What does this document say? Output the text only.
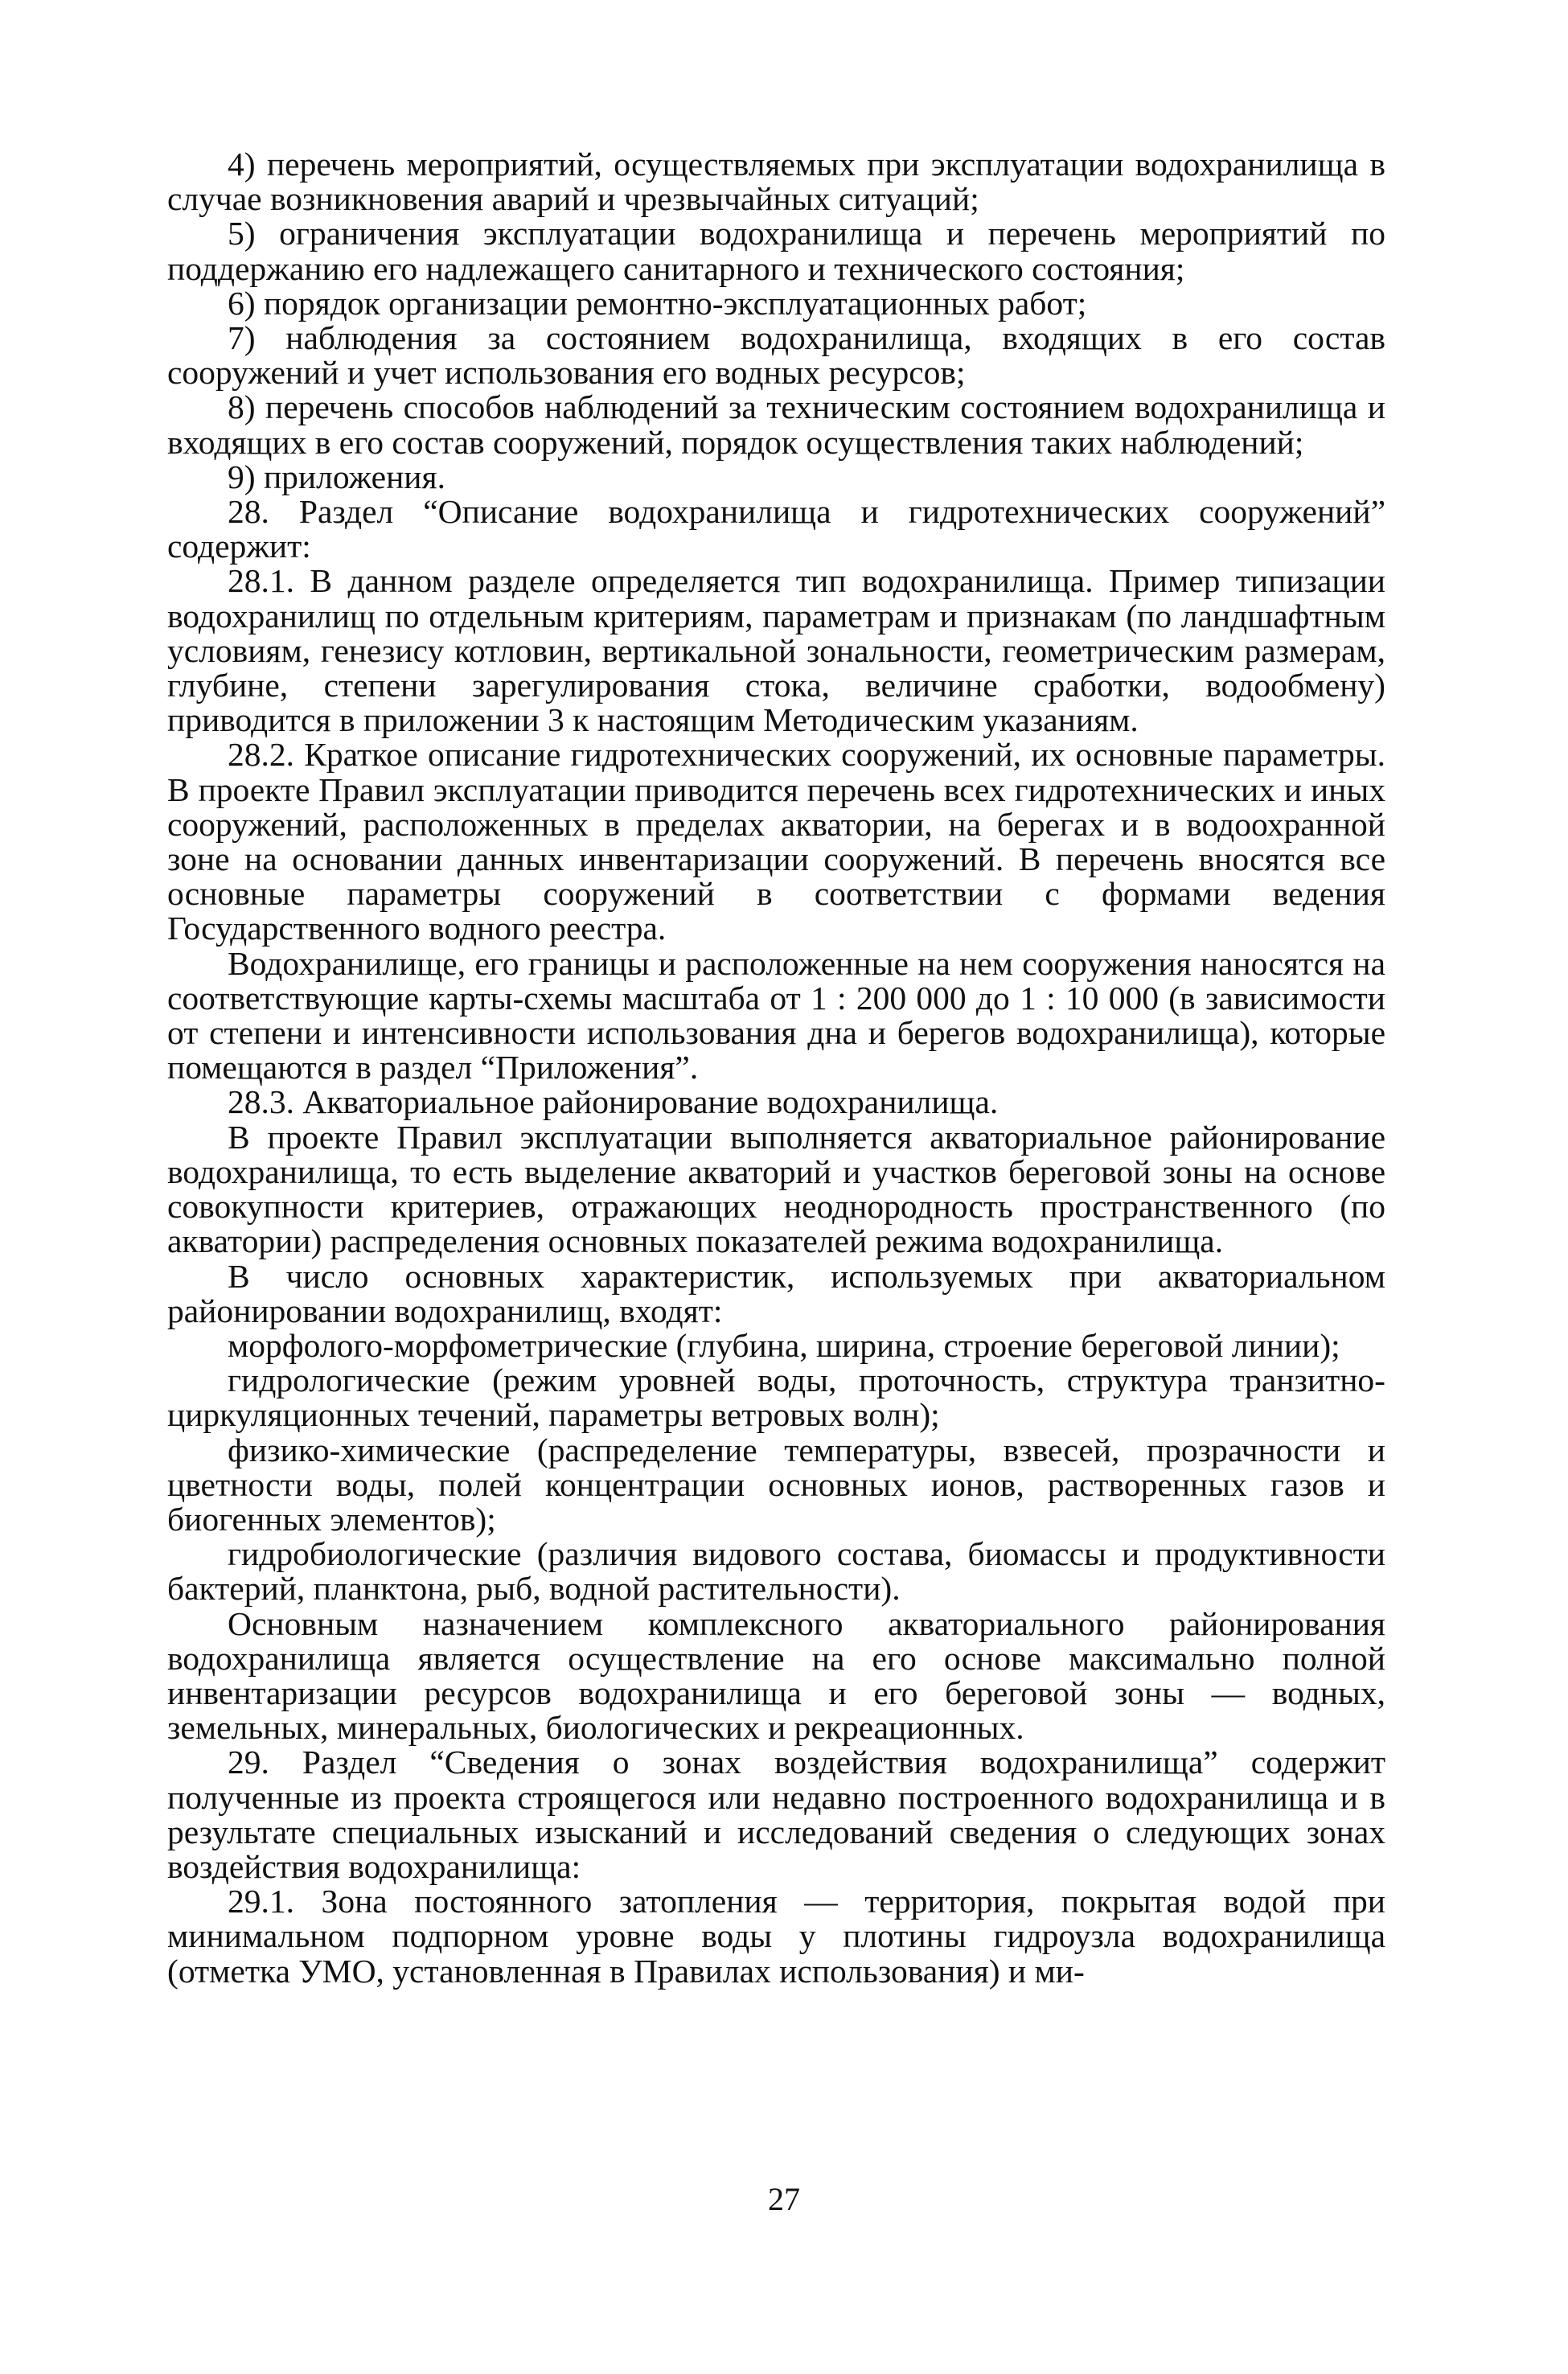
4) перечень мероприятий, осуществляемых при эксплуатации водохранилища в случае возникновения аварий и чрезвычайных ситуаций;

5) ограничения эксплуатации водохранилища и перечень мероприятий по поддержанию его надлежащего санитарного и технического состояния;

6) порядок организации ремонтно-эксплуатационных работ;

7) наблюдения за состоянием водохранилища, входящих в его состав сооружений и учет использования его водных ресурсов;

8) перечень способов наблюдений за техническим состоянием водохранилища и входящих в его состав сооружений, порядок осуществления таких наблюдений;

9) приложения.

28. Раздел “Описание водохранилища и гидротехнических сооружений” содержит:

28.1. В данном разделе определяется тип водохранилища. Пример типизации водохранилищ по отдельным критериям, параметрам и признакам (по ландшафтным условиям, генезису котловин, вертикальной зональности, геометрическим размерам, глубине, степени зарегулирования стока, величине сработки, водообмену) приводится в приложении 3 к настоящим Методическим указаниям.

28.2. Краткое описание гидротехнических сооружений, их основные параметры. В проекте Правил эксплуатации приводится перечень всех гидротехнических и иных сооружений, расположенных в пределах акватории, на берегах и в водоохранной зоне на основании данных инвентаризации сооружений. В перечень вносятся все основные параметры сооружений в соответствии с формами ведения Государственного водного реестра.

Водохранилище, его границы и расположенные на нем сооружения наносятся на соответствующие карты-схемы масштаба от 1 : 200 000 до 1 : 10 000 (в зависимости от степени и интенсивности использования дна и берегов водохранилища), которые помещаются в раздел “Приложения”.

28.3. Акваториальное районирование водохранилища.

В проекте Правил эксплуатации выполняется акваториальное районирование водохранилища, то есть выделение акваторий и участков береговой зоны на основе совокупности критериев, отражающих неоднородность пространственного (по акватории) распределения основных показателей режима водохранилища.

В число основных характеристик, используемых при акваториальном районировании водохранилищ, входят:

морфолого-морфометрические (глубина, ширина, строение береговой линии);

гидрологические (режим уровней воды, проточность, структура транзитно-циркуляционных течений, параметры ветровых волн);

физико-химические (распределение температуры, взвесей, прозрачности и цветности воды, полей концентрации основных ионов, растворенных газов и биогенных элементов);

гидробиологические (различия видового состава, биомассы и продуктивности бактерий, планктона, рыб, водной растительности).

Основным назначением комплексного акваториального районирования водохранилища является осуществление на его основе максимально полной инвентаризации ресурсов водохранилища и его береговой зоны — водных, земельных, минеральных, биологических и рекреационных.

29. Раздел “Сведения о зонах воздействия водохранилища” содержит полученные из проекта строящегося или недавно построенного водохранилища и в результате специальных изысканий и исследований сведения о следующих зонах воздействия водохранилища:

29.1. Зона постоянного затопления — территория, покрытая водой при минимальном подпорном уровне воды у плотины гидроузла водохранилища (отметка УМО, установленная в Правилах использования) и ми-

27
